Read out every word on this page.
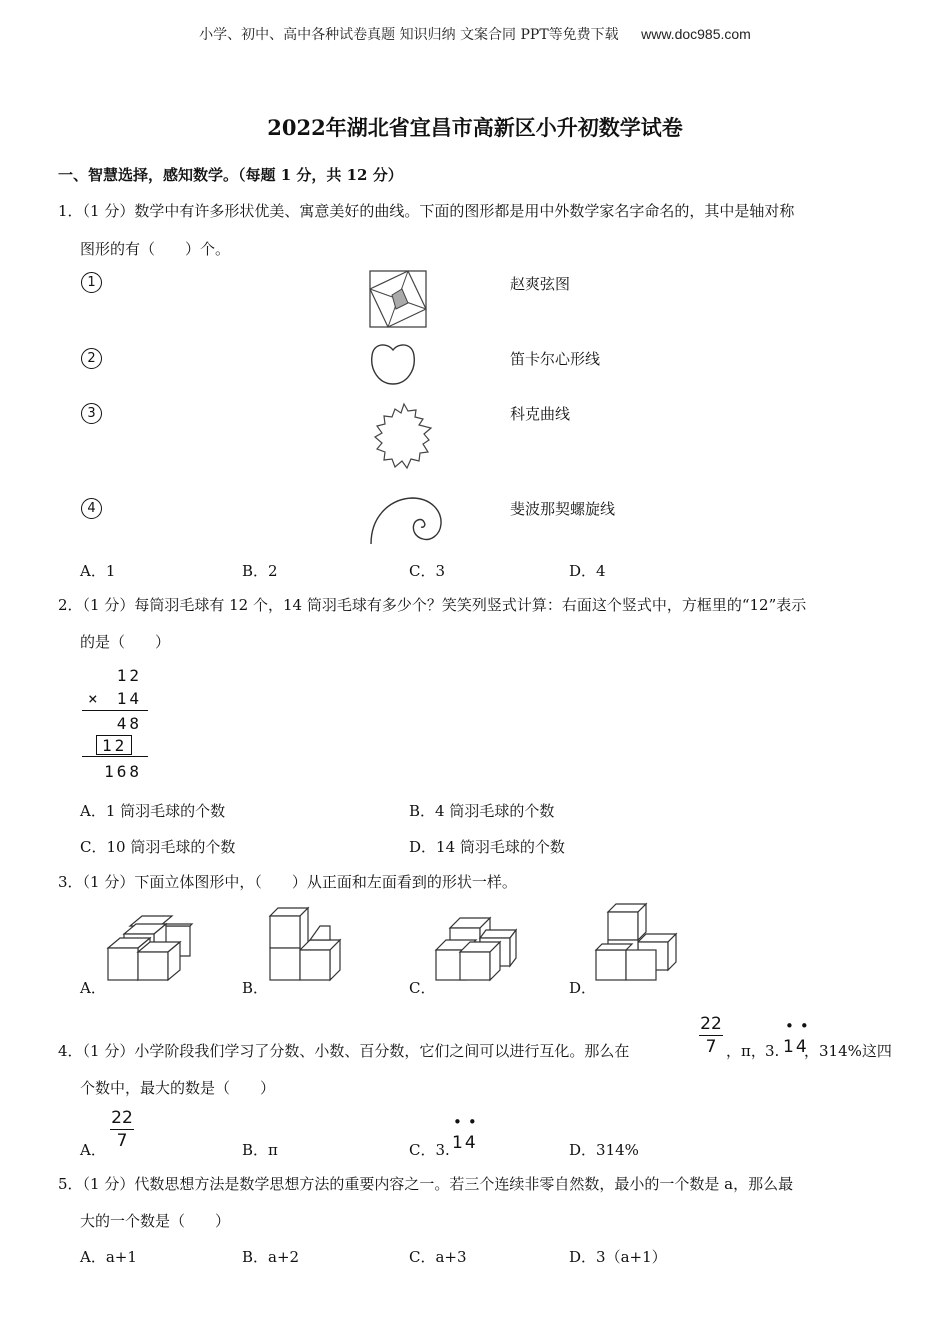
小学、初中、高中各种试卷真题 知识归纳 文案合同 PPT等免费下载 www.doc985.com
2022年湖北省宜昌市高新区小升初数学试卷
一、智慧选择，感知数学。（每题 1 分，共 12 分）
1．（1 分）数学中有许多形状优美、寓意美好的曲线。下面的图形都是用中外数学家名字命名的，其中是轴对称
图形的有（　　）个。
1	赵爽弦图
2	笛卡尔心形线
3	科克曲线
4	斐波那契螺旋线
A．1	B．2	C．3	D．4
2．（1 分）每筒羽毛球有 12 个，14 筒羽毛球有多少个？笑笑列竖式计算：右面这个竖式中，方框里的“12”表示
的是（　　）
12
× 14
48
12
168
A．1 筒羽毛球的个数	B．4 筒羽毛球的个数
C．10 筒羽毛球的个数	D．14 筒羽毛球的个数
3．（1 分）下面立体图形中，（　　）从正面和左面看到的形状一样。
A．	B．	C．	D．
4．（1 分）小学阶段我们学习了分数、小数、百分数，它们之间可以进行互化。那么在
22
7 ，π， 3.
••
14
，314%这四
个数中，最大的数是（　　）
A．
22
7	B．π	C．3.
••
14	D．314%
5．（1 分）代数思想方法是数学思想方法的重要内容之一。若三个连续非零自然数，最小的一个数是 a，那么最
大的一个数是（　　）
A．a+1	B．a+2	C．a+3	D．3（a+1）
